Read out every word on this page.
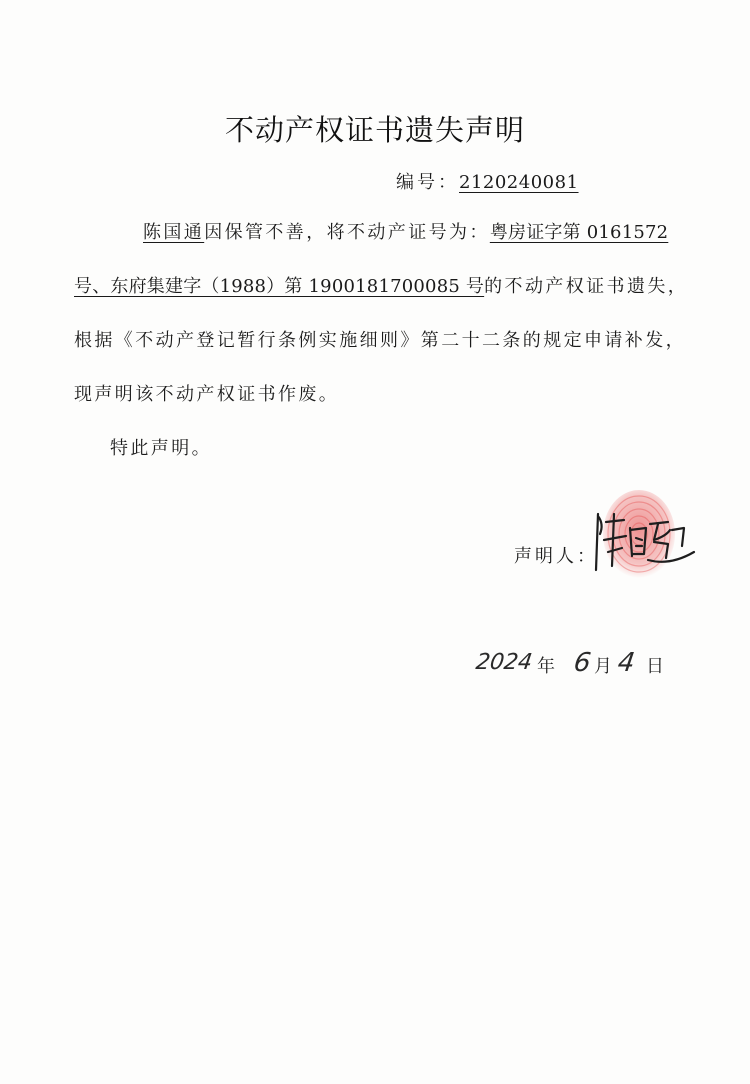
不动产权证书遗失声明
编号：2120240081
陈国通因保管不善，将不动产证号为：粤房证字第 0161572
号、东府集建字（1988）第 1900181700085 号的不动产权证书遗失，
根据《不动产登记暂行条例实施细则》第二十二条的规定申请补发，
现声明该不动产权证书作废。
特此声明。
声明人：
2024 年 6 月 4 日
